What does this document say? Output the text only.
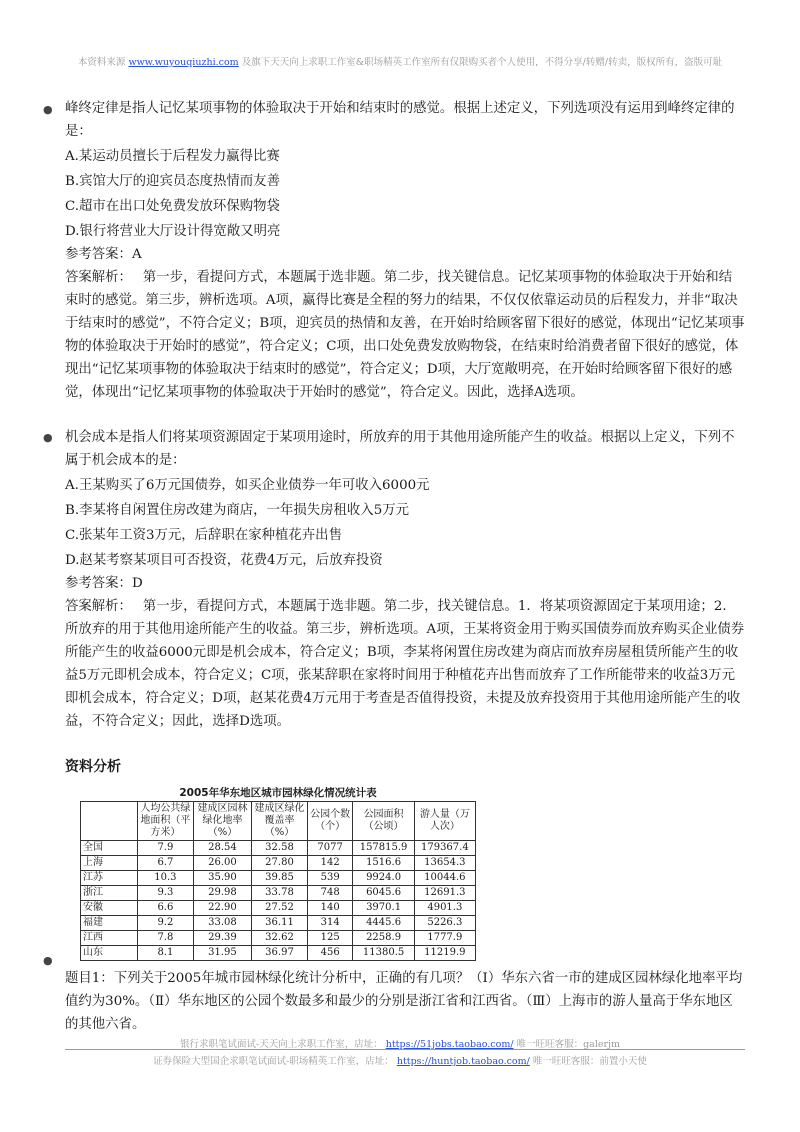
本资料来源 www.wuyouqiuzhi.com 及旗下天天向上求职工作室&职场精英工作室所有仅限购买者个人使用，不得分享/转赠/转卖，版权所有，盗版可耻
● 峰终定律是指人记忆某项事物的体验取决于开始和结束时的感觉。根据上述定义，下列选项没有运用到峰终定律的是：

A.某运动员擅长于后程发力赢得比赛

B.宾馆大厅的迎宾员态度热情而友善

C.超市在出口处免费发放环保购物袋

D.银行将营业大厅设计得宽敞又明亮

参考答案：A

答案解析：　 第一步，看提问方式，本题属于选非题。第二步，找关键信息。记忆某项事物的体验取决于开始和结束时的感觉。第三步，辨析选项。A项，赢得比赛是全程的努力的结果，不仅仅依靠运动员的后程发力，并非“取决于结束时的感觉”，不符合定义；B项，迎宾员的热情和友善，在开始时给顾客留下很好的感觉，体现出“记忆某项事物的体验取决于开始时的感觉”，符合定义；C项，出口处免费发放购物袋，在结束时给消费者留下很好的感觉，体现出“记忆某项事物的体验取决于结束时的感觉”，符合定义；D项，大厅宽敞明亮，在开始时给顾客留下很好的感觉，体现出“记忆某项事物的体验取决于开始时的感觉”，符合定义。因此，选择A选项。

● 机会成本是指人们将某项资源固定于某项用途时，所放弃的用于其他用途所能产生的收益。根据以上定义，下列不属于机会成本的是：

A.王某购买了6万元国债券，如买企业债券一年可收入6000元

B.李某将自闲置住房改建为商店，一年损失房租收入5万元

C.张某年工资3万元，后辞职在家种植花卉出售

D.赵某考察某项目可否投资，花费4万元，后放弃投资

参考答案：D

答案解析：　 第一步，看提问方式，本题属于选非题。第二步，找关键信息。1．将某项资源固定于某项用途；2．所放弃的用于其他用途所能产生的收益。第三步，辨析选项。A项，王某将资金用于购买国债券而放弃购买企业债券所能产生的收益6000元即是机会成本，符合定义；B项，李某将闲置住房改建为商店而放弃房屋租赁所能产生的收益5万元即机会成本，符合定义；C项，张某辞职在家将时间用于种植花卉出售而放弃了工作所能带来的收益3万元即机会成本，符合定义；D项，赵某花费4万元用于考查是否值得投资，未提及放弃投资用于其他用途所能产生的收益，不符合定义；因此，选择D选项。

资料分析
2005年华东地区城市园林绿化情况统计表
	人均公共绿地面积（平方米）	建成区园林绿化地率（%）	建成区绿化覆盖率（%）	公园个数（个）	公园面积（公顷）	游人量（万人次）
全国	7.9	28.54	32.58	7077	157815.9	179367.4
上海	6.7	26.00	27.80	142	1516.6	13654.3
江苏	10.3	35.90	39.85	539	9924.0	10044.6
浙江	9.3	29.98	33.78	748	6045.6	12691.3
安徽	6.6	22.90	27.52	140	3970.1	4901.3
福建	9.2	33.08	36.11	314	4445.6	5226.3
江西	7.8	29.39	32.62	125	2258.9	1777.9
山东	8.1	31.95	36.97	456	11380.5	11219.9
●

题目1：下列关于2005年城市园林绿化统计分析中，正确的有几项？（Ⅰ）华东六省一市的建成区园林绿化地率平均值约为30%。（Ⅱ）华东地区的公园个数最多和最少的分别是浙江省和江西省。（Ⅲ）上海市的游人量高于华东地区的其他六省。

银行求职笔试面试-天天向上求职工作室，店址： https://51jobs.taobao.com/ 唯一旺旺客服：galerjm
证券保险大型国企求职笔试面试-职场精英工作室，店址： https://huntjob.taobao.com/ 唯一旺旺客服：前置小天使
